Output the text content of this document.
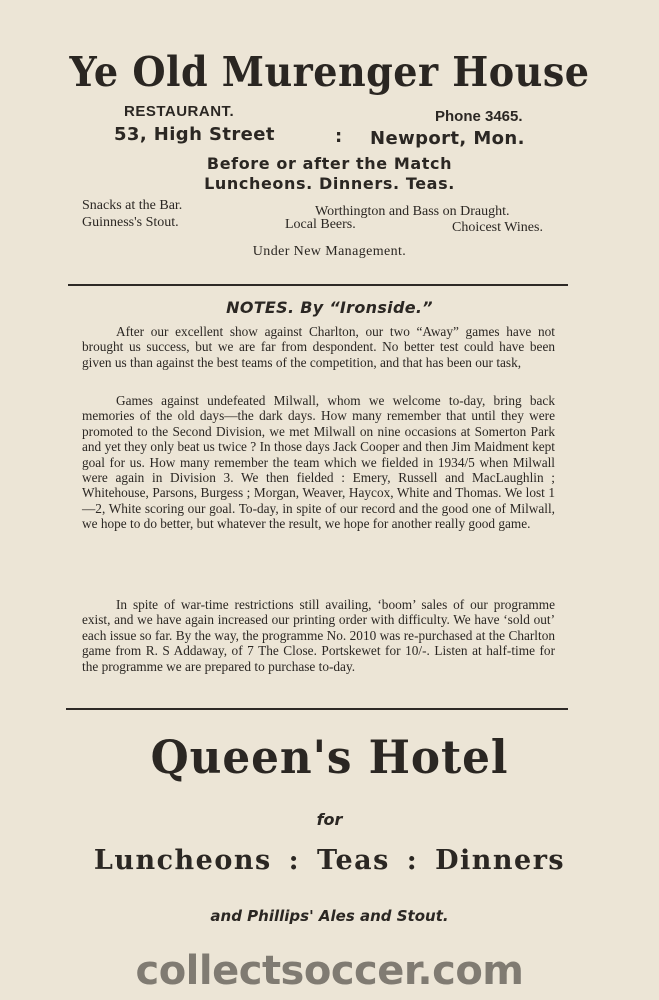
Ye Old Murenger House
RESTAURANT.	Phone 3465.
53, High Street	: Newport, Mon.
Before or after the Match
Luncheons. Dinners. Teas.
Snacks at the Bar.
Guinness's Stout.
Worthington and Bass on Draught.
Local Beers.	Choicest Wines.
Under New Management.
NOTES. By “Ironside.”
After our excellent show against Charlton, our two “Away” games have not brought us success, but we are far from despondent. No better test could have been given us than against the best teams of the competition, and that has been our task,
Games against undefeated Milwall, whom we welcome to-day, bring back memories of the old days—the dark days. How many remember that until they were promoted to the Second Division, we met Milwall on nine occasions at Somerton Park and yet they only beat us twice ? In those days Jack Cooper and then Jim Maidment kept goal for us. How many remember the team which we fielded in 1934/5 when Milwall were again in Division 3. We then fielded : Emery, Russell and MacLaughlin ; Whitehouse, Parsons, Burgess ; Morgan, Weaver, Haycox, White and Thomas. We lost 1—2, White scoring our goal. To-day, in spite of our record and the good one of Milwall, we hope to do better, but whatever the result, we hope for another really good game.
In spite of war-time restrictions still availing, ‘boom’ sales of our programme exist, and we have again increased our printing order with difficulty. We have ‘sold out’ each issue so far. By the way, the programme No. 2010 was re-purchased at the Charlton game from R. S Addaway, of 7 The Close. Portskewet for 10/-. Listen at half-time for the programme we are prepared to purchase to-day.
Queen's Hotel
for
Luncheons : Teas : Dinners
and Phillips' Ales and Stout.
collectsoccer.com
